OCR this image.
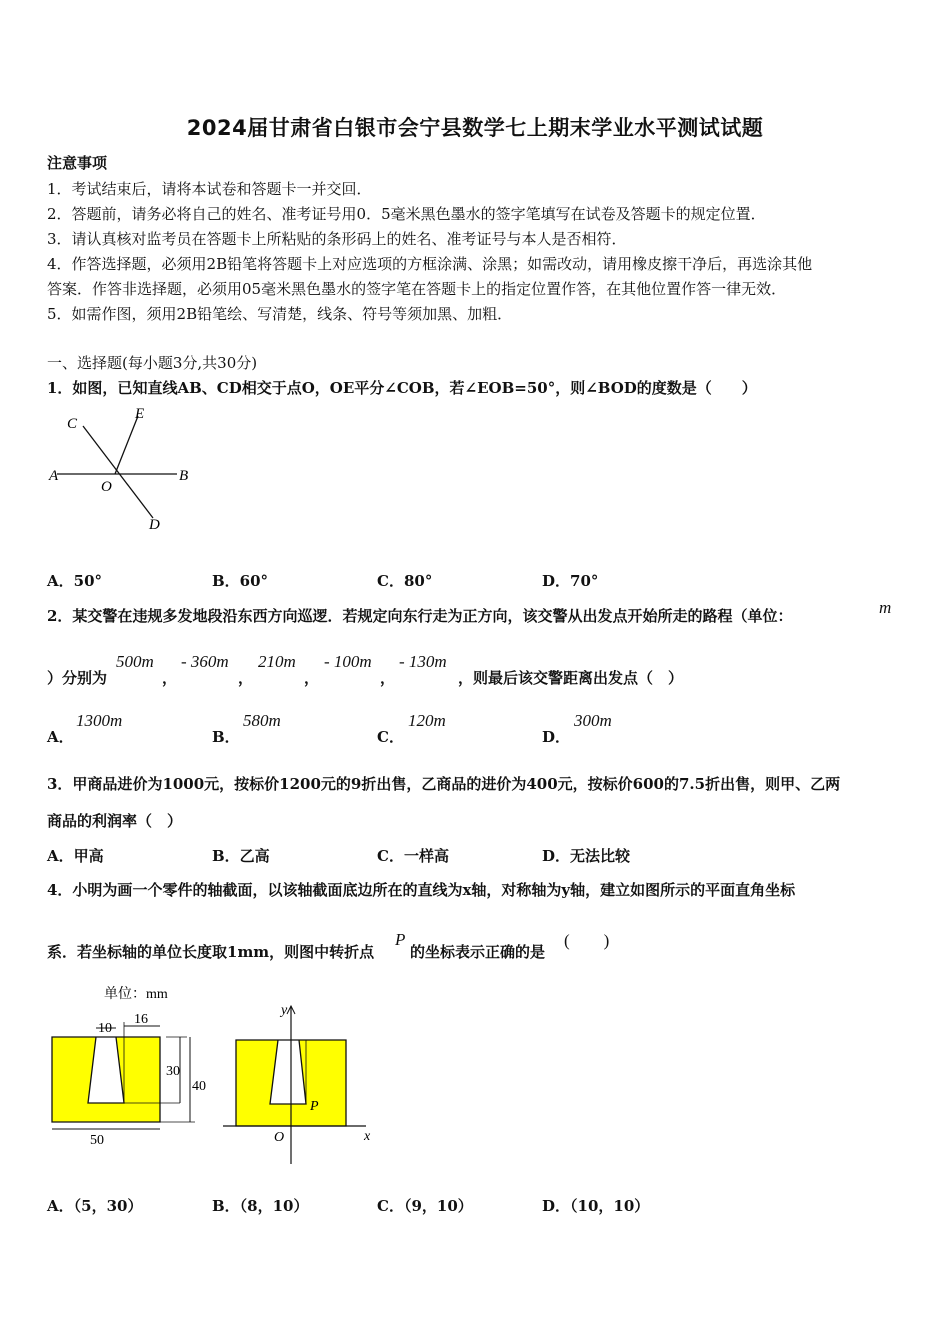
2024届甘肃省白银市会宁县数学七上期末学业水平测试试题
注意事项
1．考试结束后，请将本试卷和答题卡一并交回．
2．答题前，请务必将自己的姓名、准考证号用0．5毫米黑色墨水的签字笔填写在试卷及答题卡的规定位置．
3．请认真核对监考员在答题卡上所粘贴的条形码上的姓名、准考证号与本人是否相符．
4．作答选择题，必须用2B铅笔将答题卡上对应选项的方框涂满、涂黑；如需改动，请用橡皮擦干净后，再选涂其他
答案．作答非选择题，必须用05毫米黑色墨水的签字笔在答题卡上的指定位置作答，在其他位置作答一律无效．
5．如需作图，须用2B铅笔绘、写清楚，线条、符号等须加黑、加粗．
一、选择题(每小题3分,共30分)
1．如图，已知直线AB、CD相交于点O，OE平分∠COB，若∠EOB=50°，则∠BOD的度数是（　　）
A	B
C
D
E
O
A．50°	B．60°	C．80°	D．70°
2．某交警在违规多发地段沿东西方向巡逻．若规定向东行走为正方向，该交警从出发点开始所走的路程（单位：	m
）分别为
500m
，
- 360m
，
210m
，
- 100m
，
- 130m
，则最后该交警距离出发点（　）
A．
1300m
B．
580m
C．
120m
D．
300m
3．甲商品进价为1000元，按标价1200元的9折出售，乙商品的进价为400元，按标价600的7.5折出售，则甲、乙两
商品的利润率（　）
A．甲高	B．乙高	C．一样高	D．无法比较
4．小明为画一个零件的轴截面，以该轴截面底边所在的直线为x轴，对称轴为y轴，建立如图所示的平面直角坐标
系．若坐标轴的单位长度取1mm，则图中转折点
P
的坐标表示正确的是
(　　)
单位：mm
10
16
30
40
50
y
x
O
P
A．（5，30）	B．（8，10）	C．（9，10）	D．（10，10）
